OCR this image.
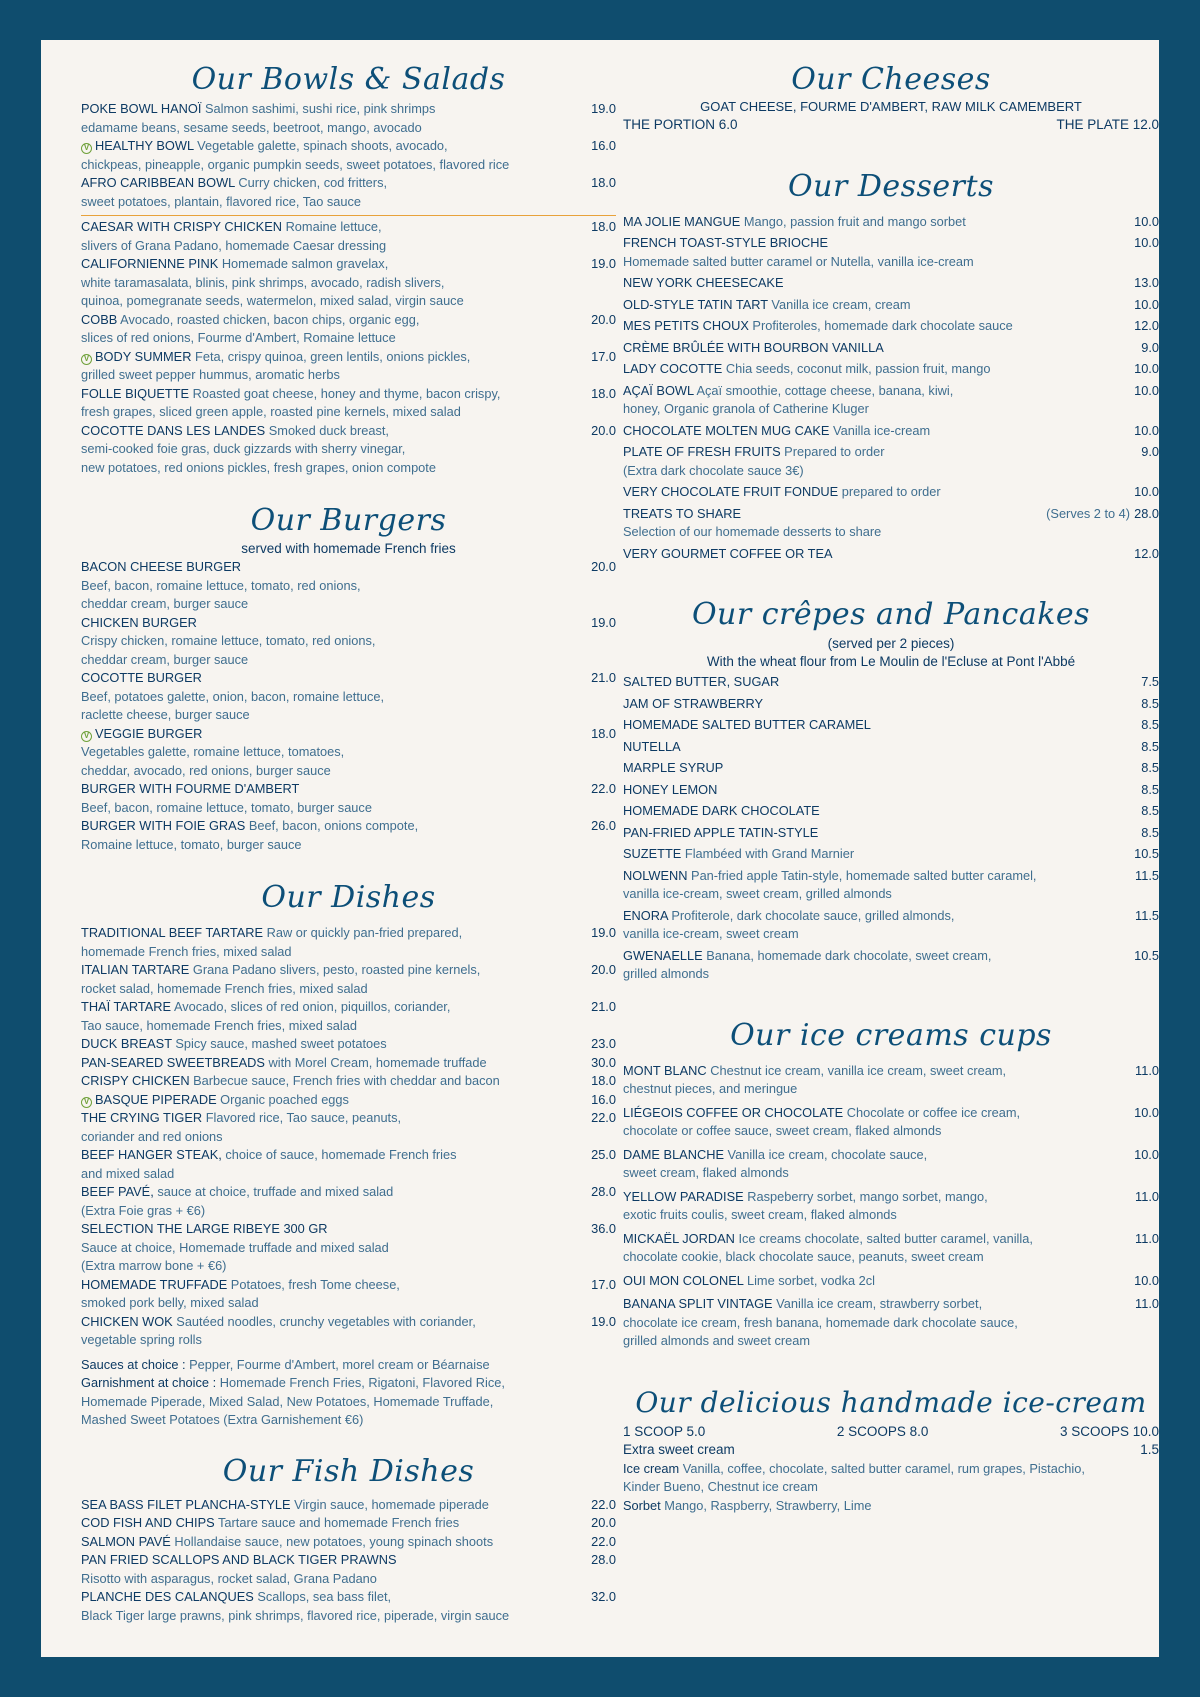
Our Bowls & Salads
POKE BOWL HANOÏ Salmon sashimi, sushi rice, pink shrimps
edamame beans, sesame seeds, beetroot, mango, avocado
19.0
V HEALTHY BOWL Vegetable galette, spinach shoots, avocado,
chickpeas, pineapple, organic pumpkin seeds, sweet potatoes, flavored rice
16.0
AFRO CARIBBEAN BOWL Curry chicken, cod fritters,
sweet potatoes, plantain, flavored rice, Tao sauce
18.0
CAESAR WITH CRISPY CHICKEN Romaine lettuce,
slivers of Grana Padano, homemade Caesar dressing
18.0
CALIFORNIENNE PINK Homemade salmon gravelax,
white taramasalata, blinis, pink shrimps, avocado, radish slivers,
quinoa, pomegranate seeds, watermelon, mixed salad, virgin sauce
19.0
COBB Avocado, roasted chicken, bacon chips, organic egg,
slices of red onions, Fourme d'Ambert, Romaine lettuce
20.0
V BODY SUMMER Feta, crispy quinoa, green lentils, onions pickles,
grilled sweet pepper hummus, aromatic herbs
17.0
FOLLE BIQUETTE Roasted goat cheese, honey and thyme, bacon crispy,
fresh grapes, sliced green apple, roasted pine kernels, mixed salad
18.0
COCOTTE DANS LES LANDES Smoked duck breast,
semi-cooked foie gras, duck gizzards with sherry vinegar,
new potatoes, red onions pickles, fresh grapes, onion compote
20.0
Our Burgers
served with homemade French fries
BACON CHEESE BURGER
Beef, bacon, romaine lettuce, tomato, red onions,
cheddar cream, burger sauce
20.0
CHICKEN BURGER
Crispy chicken, romaine lettuce, tomato, red onions,
cheddar cream, burger sauce
19.0
COCOTTE BURGER
Beef, potatoes galette, onion, bacon, romaine lettuce,
raclette cheese, burger sauce
21.0
V VEGGIE BURGER
Vegetables galette, romaine lettuce, tomatoes,
cheddar, avocado, red onions, burger sauce
18.0
BURGER WITH FOURME D'AMBERT
Beef, bacon, romaine lettuce, tomato, burger sauce
22.0
BURGER WITH FOIE GRAS Beef, bacon, onions compote,
Romaine lettuce, tomato, burger sauce
26.0
Our Dishes
TRADITIONAL BEEF TARTARE Raw or quickly pan-fried prepared,
homemade French fries, mixed salad
19.0
ITALIAN TARTARE Grana Padano slivers, pesto, roasted pine kernels,
rocket salad, homemade French fries, mixed salad
20.0
THAÏ TARTARE Avocado, slices of red onion, piquillos, coriander,
Tao sauce, homemade French fries, mixed salad
21.0
DUCK BREAST Spicy sauce, mashed sweet potatoes	23.0
PAN-SEARED SWEETBREADS with Morel Cream, homemade truffade	30.0
CRISPY CHICKEN Barbecue sauce, French fries with cheddar and bacon	18.0
V BASQUE PIPERADE Organic poached eggs	16.0
THE CRYING TIGER Flavored rice, Tao sauce, peanuts,
coriander and red onions
22.0
BEEF HANGER STEAK, choice of sauce, homemade French fries
and mixed salad
25.0
BEEF PAVÉ, sauce at choice, truffade and mixed salad
(Extra Foie gras + €6)
28.0
SELECTION THE LARGE RIBEYE 300 GR
Sauce at choice, Homemade truffade and mixed salad
(Extra marrow bone + €6)
36.0
HOMEMADE TRUFFADE Potatoes, fresh Tome cheese,
smoked pork belly, mixed salad
17.0
CHICKEN WOK Sautéed noodles, crunchy vegetables with coriander,
vegetable spring rolls
19.0
Sauces at choice : Pepper, Fourme d'Ambert, morel cream or Béarnaise
Garnishment at choice : Homemade French Fries, Rigatoni, Flavored Rice,
Homemade Piperade, Mixed Salad, New Potatoes, Homemade Truffade,
Mashed Sweet Potatoes (Extra Garnishement €6)
Our Fish Dishes
SEA BASS FILET PLANCHA-STYLE Virgin sauce, homemade piperade	22.0
COD FISH AND CHIPS Tartare sauce and homemade French fries	20.0
SALMON PAVÉ Hollandaise sauce, new potatoes, young spinach shoots	22.0
PAN FRIED SCALLOPS AND BLACK TIGER PRAWNS
Risotto with asparagus, rocket salad, Grana Padano
28.0
PLANCHE DES CALANQUES Scallops, sea bass filet,
Black Tiger large prawns, pink shrimps, flavored rice, piperade, virgin sauce
32.0
Our Cheeses
GOAT CHEESE, FOURME D'AMBERT, RAW MILK CAMEMBERT
THE PORTION 6.0	THE PLATE 12.0
Our Desserts
MA JOLIE MANGUE Mango, passion fruit and mango sorbet	10.0
FRENCH TOAST-STYLE BRIOCHE
Homemade salted butter caramel or Nutella, vanilla ice-cream
10.0
NEW YORK CHEESECAKE	13.0
OLD-STYLE TATIN TART Vanilla ice cream, cream	10.0
MES PETITS CHOUX Profiteroles, homemade dark chocolate sauce	12.0
CRÈME BRÛLÉE WITH BOURBON VANILLA	9.0
LADY COCOTTE Chia seeds, coconut milk, passion fruit, mango	10.0
AÇAÏ BOWL Açaï smoothie, cottage cheese, banana, kiwi,
honey, Organic granola of Catherine Kluger
10.0
CHOCOLATE MOLTEN MUG CAKE Vanilla ice-cream	10.0
PLATE OF FRESH FRUITS Prepared to order
(Extra dark chocolate sauce 3€)
9.0
VERY CHOCOLATE FRUIT FONDUE prepared to order	10.0
TREATS TO SHARE
Selection of our homemade desserts to share
(Serves 2 to 4) 28.0
VERY GOURMET COFFEE OR TEA	12.0
Our crêpes and Pancakes
(served per 2 pieces)
With the wheat flour from Le Moulin de l'Ecluse at Pont l'Abbé
SALTED BUTTER, SUGAR	7.5
JAM OF STRAWBERRY	8.5
HOMEMADE SALTED BUTTER CARAMEL	8.5
NUTELLA	8.5
MARPLE SYRUP	8.5
HONEY LEMON	8.5
HOMEMADE DARK CHOCOLATE	8.5
PAN-FRIED APPLE TATIN-STYLE	8.5
SUZETTE Flambéed with Grand Marnier	10.5
NOLWENN Pan-fried apple Tatin-style, homemade salted butter caramel,
vanilla ice-cream, sweet cream, grilled almonds
11.5
ENORA Profiterole, dark chocolate sauce, grilled almonds,
vanilla ice-cream, sweet cream
11.5
GWENAELLE Banana, homemade dark chocolate, sweet cream,
grilled almonds
10.5
Our ice creams cups
MONT BLANC Chestnut ice cream, vanilla ice cream, sweet cream,
chestnut pieces, and meringue
11.0
LIÉGEOIS COFFEE OR CHOCOLATE Chocolate or coffee ice cream,
chocolate or coffee sauce, sweet cream, flaked almonds
10.0
DAME BLANCHE Vanilla ice cream, chocolate sauce,
sweet cream, flaked almonds
10.0
YELLOW PARADISE Raspeberry sorbet, mango sorbet, mango,
exotic fruits coulis, sweet cream, flaked almonds
11.0
MICKAËL JORDAN Ice creams chocolate, salted butter caramel, vanilla,
chocolate cookie, black chocolate sauce, peanuts, sweet cream
11.0
OUI MON COLONEL Lime sorbet, vodka 2cl	10.0
BANANA SPLIT VINTAGE Vanilla ice cream, strawberry sorbet,
chocolate ice cream, fresh banana, homemade dark chocolate sauce,
grilled almonds and sweet cream
11.0
Our delicious handmade ice-cream
1 SCOOP 5.0	2 SCOOPS 8.0	3 SCOOPS 10.0
Extra sweet cream	1.5
Ice cream Vanilla, coffee, chocolate, salted butter caramel, rum grapes, Pistachio,
Kinder Bueno, Chestnut ice cream
Sorbet Mango, Raspberry, Strawberry, Lime
